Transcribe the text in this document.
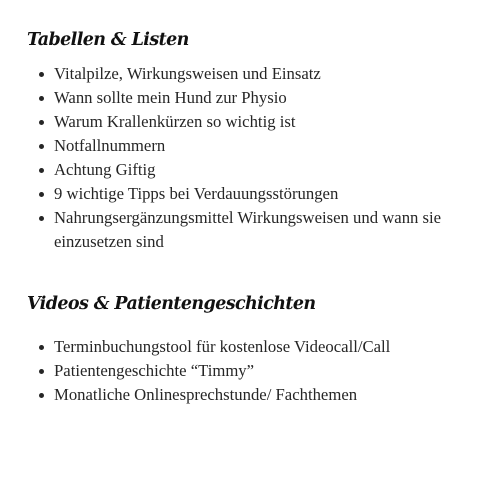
Tabellen & Listen
Vitalpilze, Wirkungsweisen und Einsatz
Wann sollte mein Hund zur Physio
Warum Krallenkürzen so wichtig ist
Notfallnummern
Achtung Giftig
9 wichtige Tipps bei Verdauungsstörungen
Nahrungsergänzungsmittel Wirkungsweisen und wann sie einzusetzen sind
Videos & Patientengeschichten
Terminbuchungstool für kostenlose Videocall/Call
Patientengeschichte “Timmy”
Monatliche Onlinesprechstunde/ Fachthemen
